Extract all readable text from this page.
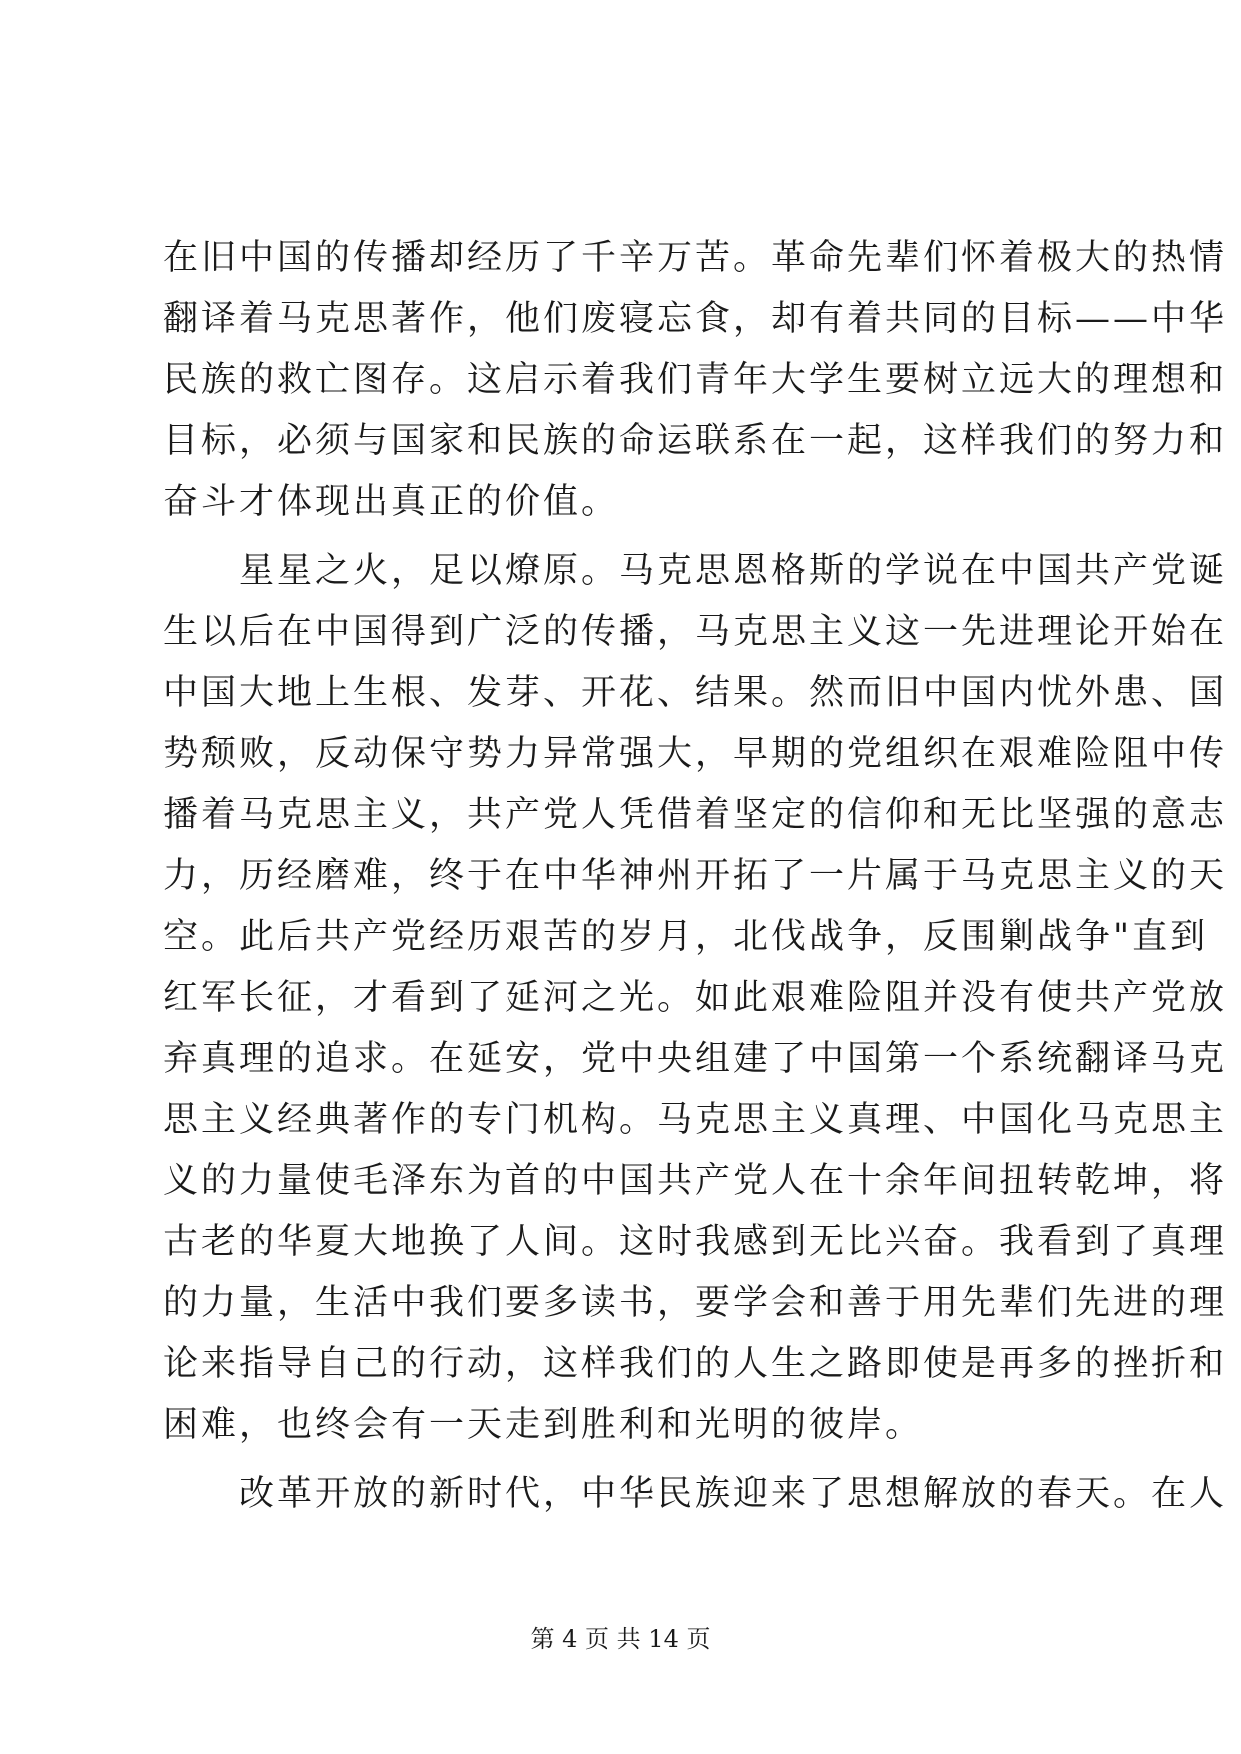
在旧中国的传播却经历了千辛万苦。革命先辈们怀着极大的热情
翻译着马克思著作，他们废寝忘食，却有着共同的目标——中华
民族的救亡图存。这启示着我们青年大学生要树立远大的理想和
目标，必须与国家和民族的命运联系在一起，这样我们的努力和
奋斗才体现出真正的价值。
星星之火，足以燎原。马克思恩格斯的学说在中国共产党诞
生以后在中国得到广泛的传播，马克思主义这一先进理论开始在
中国大地上生根、发芽、开花、结果。然而旧中国内忧外患、国
势颓败，反动保守势力异常强大，早期的党组织在艰难险阻中传
播着马克思主义，共产党人凭借着坚定的信仰和无比坚强的意志
力，历经磨难，终于在中华神州开拓了一片属于马克思主义的天
空。此后共产党经历艰苦的岁月，北伐战争，反围剿战争"直到
红军长征，才看到了延河之光。如此艰难险阻并没有使共产党放
弃真理的追求。在延安，党中央组建了中国第一个系统翻译马克
思主义经典著作的专门机构。马克思主义真理、中国化马克思主
义的力量使毛泽东为首的中国共产党人在十余年间扭转乾坤，将
古老的华夏大地换了人间。这时我感到无比兴奋。我看到了真理
的力量，生活中我们要多读书，要学会和善于用先辈们先进的理
论来指导自己的行动，这样我们的人生之路即使是再多的挫折和
困难，也终会有一天走到胜利和光明的彼岸。
改革开放的新时代，中华民族迎来了思想解放的春天。在人
第 4 页 共 14 页
